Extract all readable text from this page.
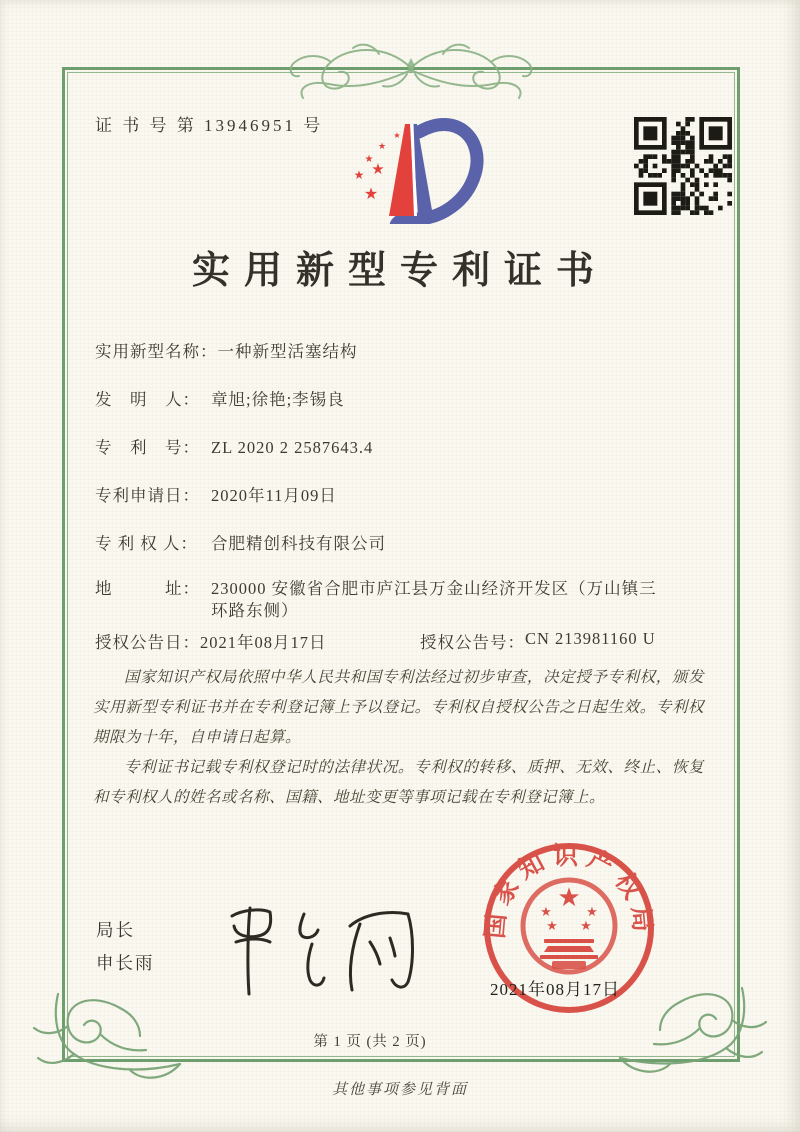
证 书 号 第 13946951 号
★
★
★
★ ★
★
实用新型专利证书
实用新型名称： 一种新型活塞结构
发　明　人： 章旭;徐艳;李锡良
专　利　号： ZL 2020 2 2587643.4
专利申请日： 2020年11月09日
专 利 权 人： 合肥精创科技有限公司
地　　　址： 230000 安徽省合肥市庐江县万金山经济开发区（万山镇三环路东侧）
授权公告日： 2021年08月17日	授权公告号： CN 213981160 U

国家知识产权局依照中华人民共和国专利法经过初步审查，决定授予专利权，颁发实用新型专利证书并在专利登记簿上予以登记。专利权自授权公告之日起生效。专利权期限为十年，自申请日起算。

专利证书记载专利权登记时的法律状况。专利权的转移、质押、无效、终止、恢复和专利权人的姓名或名称、国籍、地址变更等事项记载在专利登记簿上。

局长
申长雨
★
★	★
★ ★
国家知识产权局
2021年08月17日
第 1 页 (共 2 页)
其他事项参见背面
